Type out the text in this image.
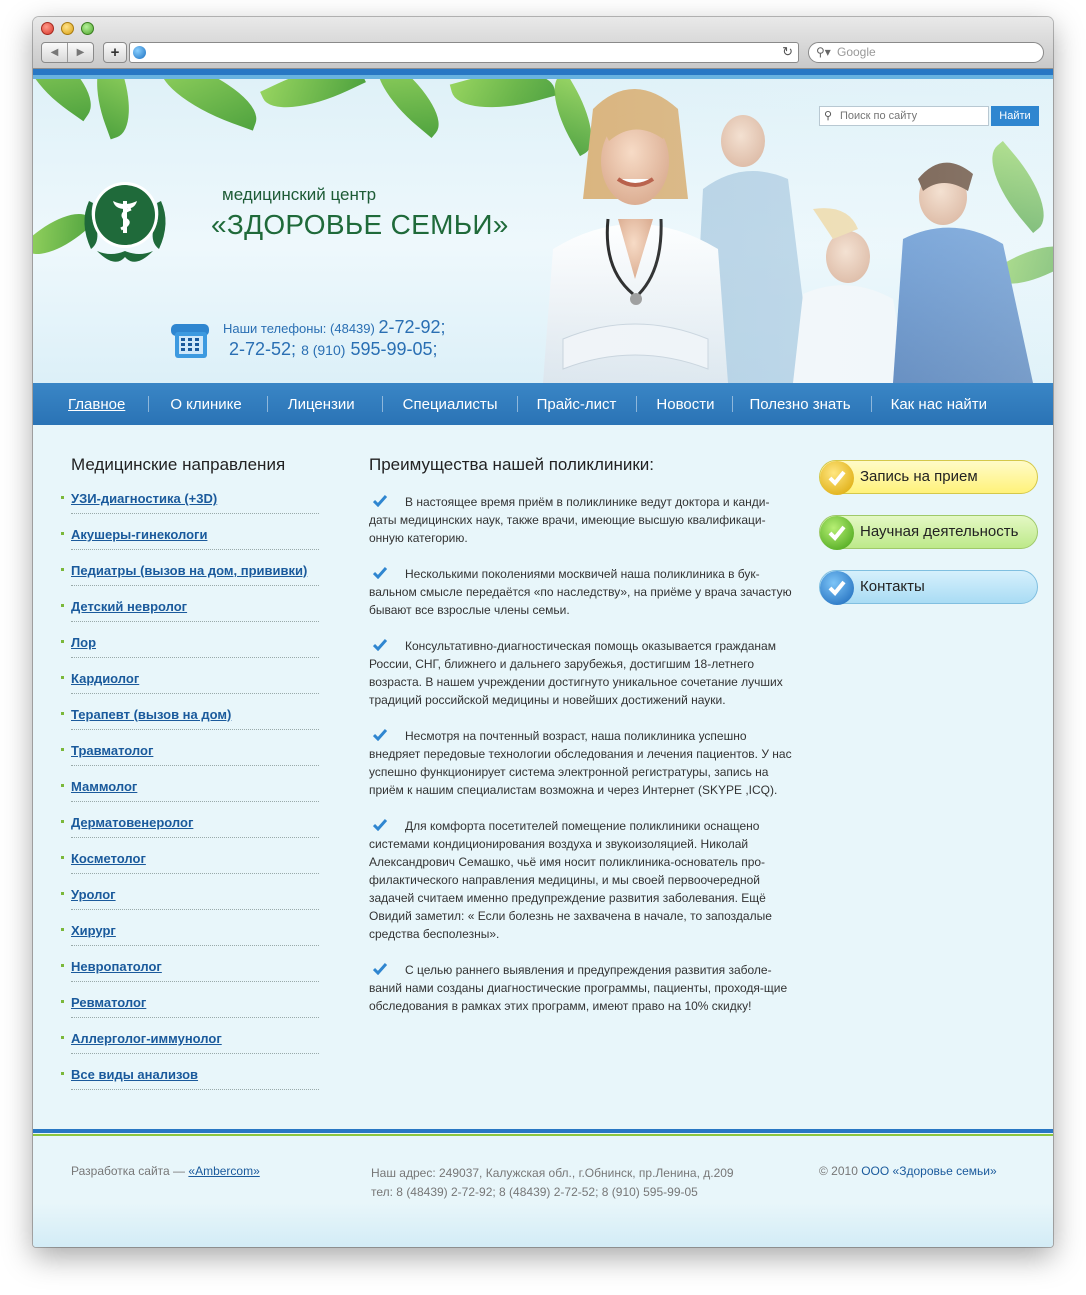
◀	▶	+	↻ ⚲▾ Google
медицинский центр
«ЗДОРОВЬЕ СЕМЬИ»
Наши телефоны: (48439) 2-72-92;
2-72-52; 8 (910) 595-99-05;
⚲
Поиск по сайту	Найти
Главное	О клинике	Лицензии	Специалисты	Прайс-лист	Новости Полезно знать	Как нас найти
Медицинские направления
УЗИ-диагностика (+3D)
Акушеры-гинекологи
Педиатры (вызов на дом, прививки)
Детский невролог
Лор
Кардиолог
Терапевт (вызов на дом)
Травматолог
Маммолог
Дерматовенеролог
Косметолог
Уролог
Хирург
Невропатолог
Ревматолог
Аллерголог-иммунолог
Все виды анализов
Преимущества нашей поликлиники:

В настоящее время приём в поликлинике ведут доктора и канди-даты медицинских наук, также врачи, имеющие высшую квалификаци-онную категорию.

Несколькими поколениями москвичей наша поликлиника в бук-вальном смысле передаётся «по наследству», на приёме у врача зачастую бывают все взрослые члены семьи.

Консультативно-диагностическая помощь оказывается гражданам России, СНГ, ближнего и дальнего зарубежья, достигшим 18-летнего возраста. В нашем учреждении достигнуто уникальное сочетание лучших традиций российской медицины и новейших достижений науки.

Несмотря на почтенный возраст, наша поликлиника успешно внедряет передовые технологии обследования и лечения пациентов. У нас успешно функционирует система электронной регистратуры, запись на приём к нашим специалистам возможна и через Интернет (SKYPE ,ICQ).

Для комфорта посетителей помещение поликлиники оснащено системами кондиционирования воздуха и звукоизоляцией. Николай Александрович Семашко, чьё имя носит поликлиника-основатель про-филактического направления медицины, и мы своей первоочередной задачей считаем именно предупреждение развития заболевания. Ещё Овидий заметил: « Если болезнь не захвачена в начале, то запоздалые средства бесполезны».

С целью раннего выявления и предупреждения развития заболе-ваний нами созданы диагностические программы, пациенты, проходя-щие обследования в рамках этих программ, имеют право на 10% скидку!

Запись на прием
Научная деятельность
Контакты
Разработка сайта — «Ambercom»	Наш адрес: 249037, Калужская обл., г.Обнинск, пр.Ленина, д.209
тел: 8 (48439) 2-72-92; 8 (48439) 2-72-52; 8 (910) 595-99-05
© 2010 ООО «Здоровье семьи»
